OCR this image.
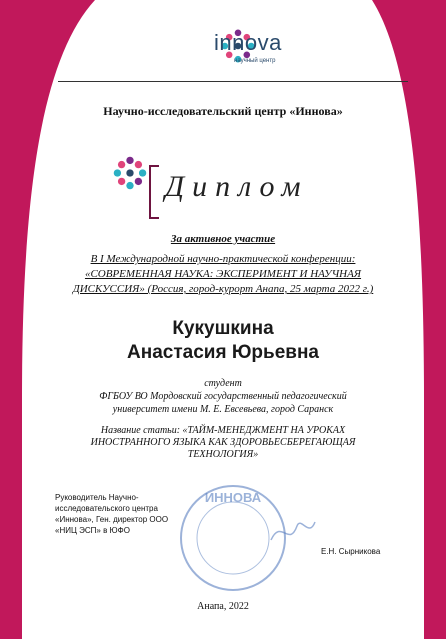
innova
научный центр
Научно-исследовательский центр «Иннова»
Диплом
За активное участие
В I Международной научно-практической конференции: «СОВРЕМЕННАЯ НАУКА: ЭКСПЕРИМЕНТ И НАУЧНАЯ ДИСКУССИЯ» (Россия, город-курорт Анапа, 25 марта 2022 г.)
Кукушкина
Анастасия Юрьевна
студент
ФГБОУ ВО Мордовский государственный педагогический университет имени М. Е. Евсевьева, город Саранск
Название статьи: «ТАЙМ-МЕНЕДЖМЕНТ НА УРОКАХ ИНОСТРАННОГО ЯЗЫКА КАК ЗДОРОВЬЕСБЕРЕГАЮЩАЯ ТЕХНОЛОГИЯ»
Руководитель Научно-исследовательского центра «Иннова», Ген. директор ООО «НИЦ ЭСП» в ЮФО
ИННОВА
Е.Н. Сырникова
Анапа, 2022
